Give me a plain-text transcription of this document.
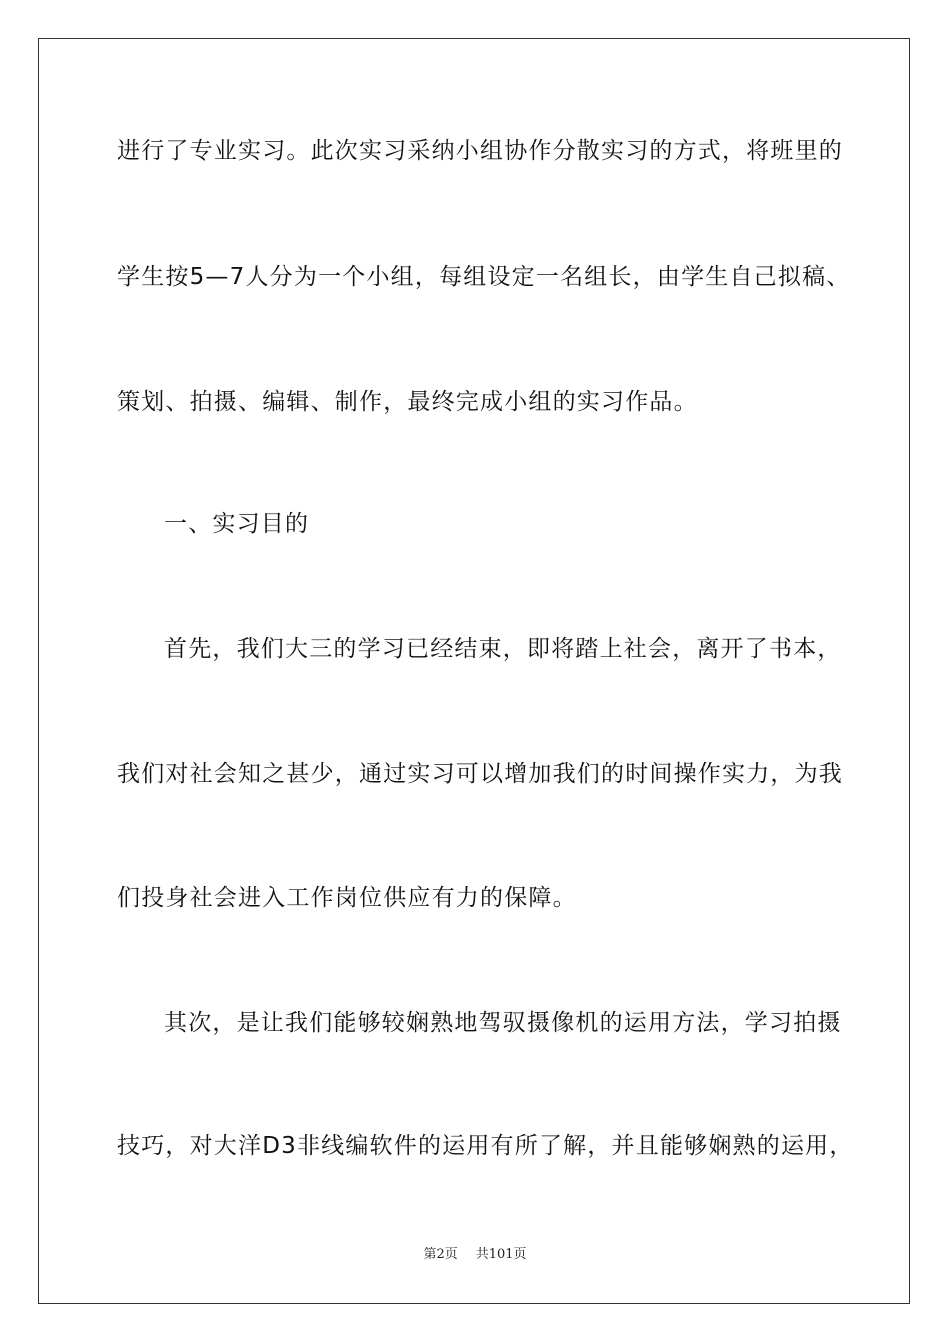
进行了专业实习。此次实习采纳小组协作分散实习的方式，将班里的
学生按5—7人分为一个小组，每组设定一名组长，由学生自己拟稿、
策划、拍摄、编辑、制作，最终完成小组的实习作品。
一、实习目的
首先，我们大三的学习已经结束，即将踏上社会，离开了书本，
我们对社会知之甚少，通过实习可以增加我们的时间操作实力，为我
们投身社会进入工作岗位供应有力的保障。
其次，是让我们能够较娴熟地驾驭摄像机的运用方法，学习拍摄
技巧，对大洋D3非线编软件的运用有所了解，并且能够娴熟的运用，
第2页 共101页
